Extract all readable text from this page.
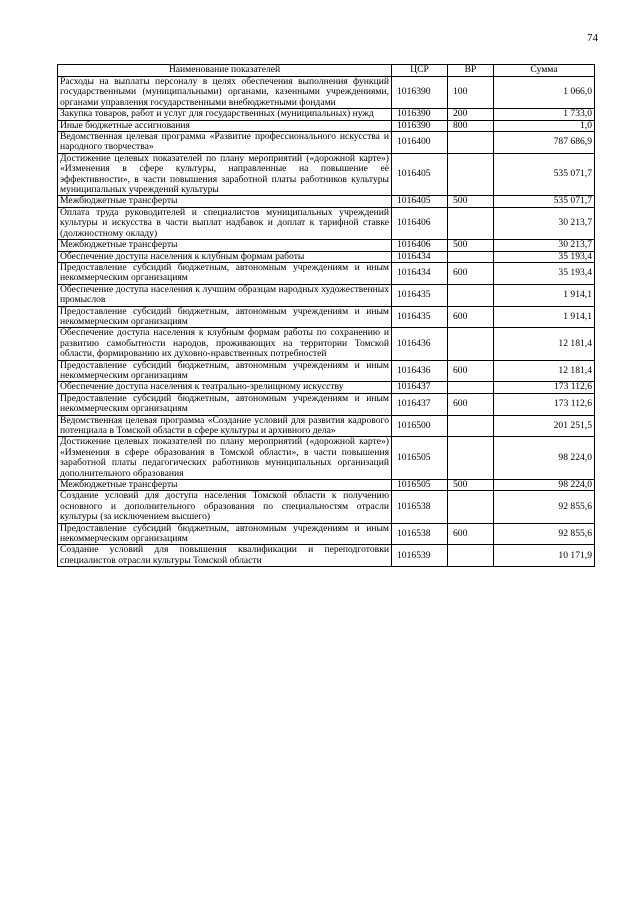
74
Наименование показателей	ЦСР	ВР	Сумма
Расходы на выплаты персоналу в целях обеспечения выполнения функций государственными (муниципальными) органами, казенными учреждениями, органами управления государственными внебюджетными фондами	1016390	100	1 066,0
Закупка товаров, работ и услуг для государственных (муниципальных) нужд	1016390	200	1 733,0
Иные бюджетные ассигнования	1016390	800	1,0
Ведомственная целевая программа «Развитие профессионального искусства и народного творчества»	1016400		787 686,9
Достижение целевых показателей по плану мероприятий («дорожной карте») «Изменения в сфере культуры, направленные на повышение её эффективности», в части повышения заработной платы работников культуры муниципальных учреждений культуры	1016405		535 071,7
Межбюджетные трансферты	1016405	500	535 071,7
Оплата труда руководителей и специалистов муниципальных учреждений культуры и искусства в части выплат надбавок и доплат к тарифной ставке (должностному окладу)	1016406		30 213,7
Межбюджетные трансферты	1016406	500	30 213,7
Обеспечение доступа населения к клубным формам работы	1016434		35 193,4
Предоставление субсидий бюджетным, автономным учреждениям и иным некоммерческим организациям	1016434	600	35 193,4
Обеспечение доступа населения к лучшим образцам народных художественных промыслов	1016435		1 914,1
Предоставление субсидий бюджетным, автономным учреждениям и иным некоммерческим организациям	1016435	600	1 914,1
Обеспечение доступа населения к клубным формам работы по сохранению и развитию самобытности народов, проживающих на территории Томской области, формированию их духовно-нравственных потребностей	1016436		12 181,4
Предоставление субсидий бюджетным, автономным учреждениям и иным некоммерческим организациям	1016436	600	12 181,4
Обеспечение доступа населения к театрально-зрелищному искусству	1016437		173 112,6
Предоставление субсидий бюджетным, автономным учреждениям и иным некоммерческим организациям	1016437	600	173 112,6
Ведомственная целевая программа «Создание условий для развития кадрового потенциала в Томской области в сфере культуры и архивного дела»	1016500		201 251,5
Достижение целевых показателей по плану мероприятий («дорожной карте») «Изменения в сфере образования в Томской области», в части повышения заработной платы педагогических работников муниципальных организаций дополнительного образования	1016505		98 224,0
Межбюджетные трансферты	1016505	500	98 224,0
Создание условий для доступа населения Томской области к получению основного и дополнительного образования по специальностям отрасли культуры (за исключением высшего)	1016538		92 855,6
Предоставление субсидий бюджетным, автономным учреждениям и иным некоммерческим организациям	1016538	600	92 855,6
Создание условий для повышения квалификации и переподготовки специалистов отрасли культуры Томской области	1016539		10 171,9
